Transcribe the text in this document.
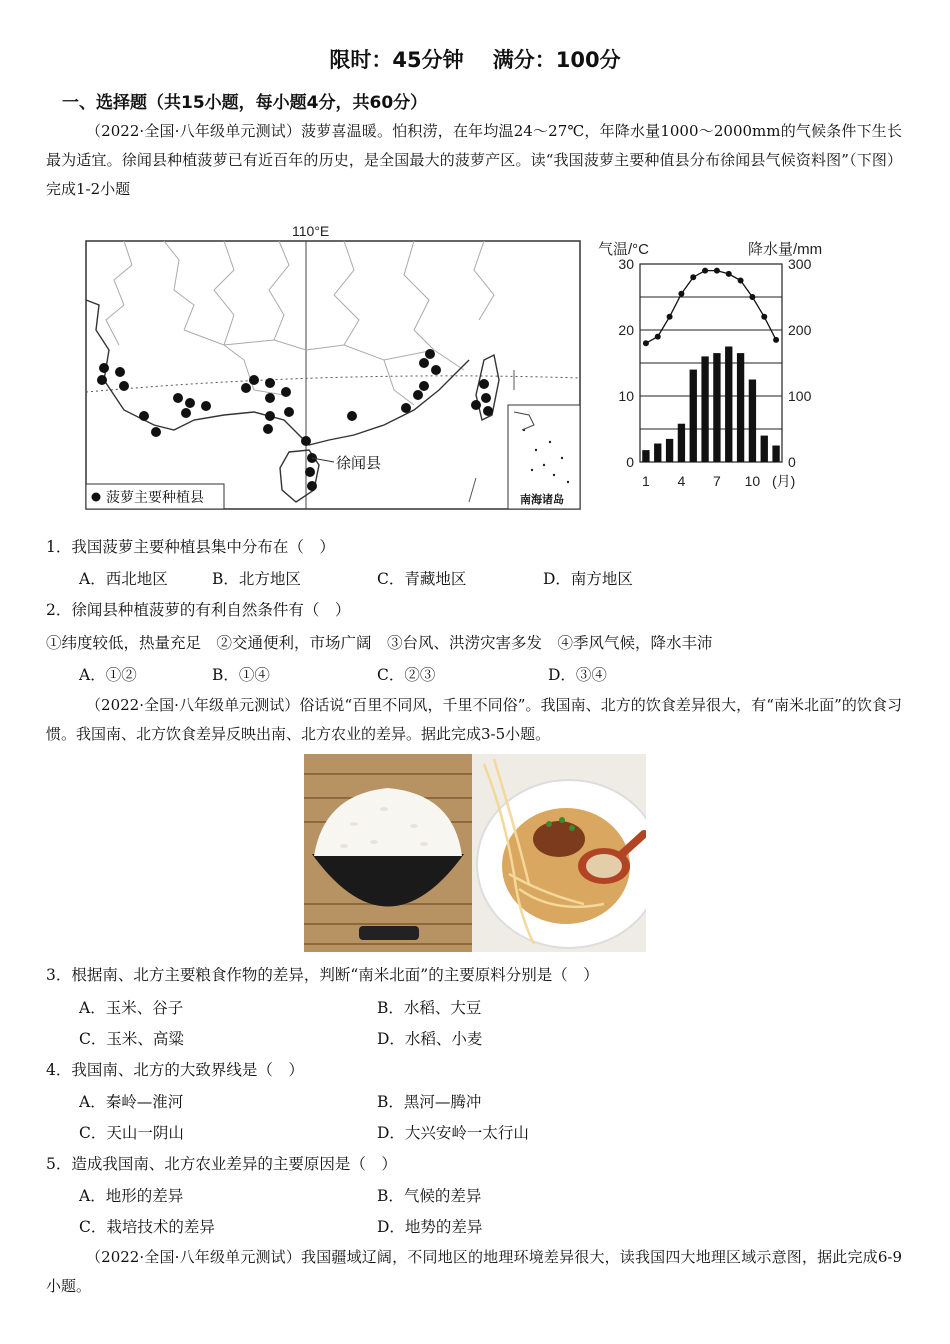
限时：45分钟    满分：100分
一、选择题（共15小题，每小题4分，共60分）
（2022·全国·八年级单元测试）菠萝喜温暖。怕积涝，在年均温24～27℃，年降水量1000～2000mm的气候条件下生长最为适宜。徐闻县种植菠萝已有近百年的历史，是全国最大的菠萝产区。读“我国菠萝主要种值县分布徐闻县气候资料图”（下图）完成1-2小题
110°E
徐闻县
菠萝主要种植县	南海诸岛
气温/°C	降水量/mm
30
20
10
0
300
200
100
0
1 4 7 10 (月)
1．我国菠萝主要种植县集中分布在（　）
A．西北地区	B．北方地区	C．青藏地区	D．南方地区
2．徐闻县种植菠萝的有利自然条件有（　）
①纬度较低，热量充足　②交通便利，市场广阔　③台风、洪涝灾害多发　④季风气候，降水丰沛
A．①②	B．①④	C．②③	D．③④
（2022·全国·八年级单元测试）俗话说“百里不同风，千里不同俗”。我国南、北方的饮食差异很大，有“南米北面”的饮食习惯。我国南、北方饮食差异反映出南、北方农业的差异。据此完成3-5小题。
3．根据南、北方主要粮食作物的差异，判断“南米北面”的主要原料分别是（　）
A．玉米、谷子	B．水稻、大豆
C．玉米、高粱	D．水稻、小麦
4．我国南、北方的大致界线是（　）
A．秦岭—淮河	B．黑河—腾冲
C．天山一阴山	D．大兴安岭一太行山
5．造成我国南、北方农业差异的主要原因是（　）
A．地形的差异	B．气候的差异
C．栽培技术的差异	D．地势的差异
（2022·全国·八年级单元测试）我国疆域辽阔，不同地区的地理环境差异很大，读我国四大地理区域示意图，据此完成6-9小题。
